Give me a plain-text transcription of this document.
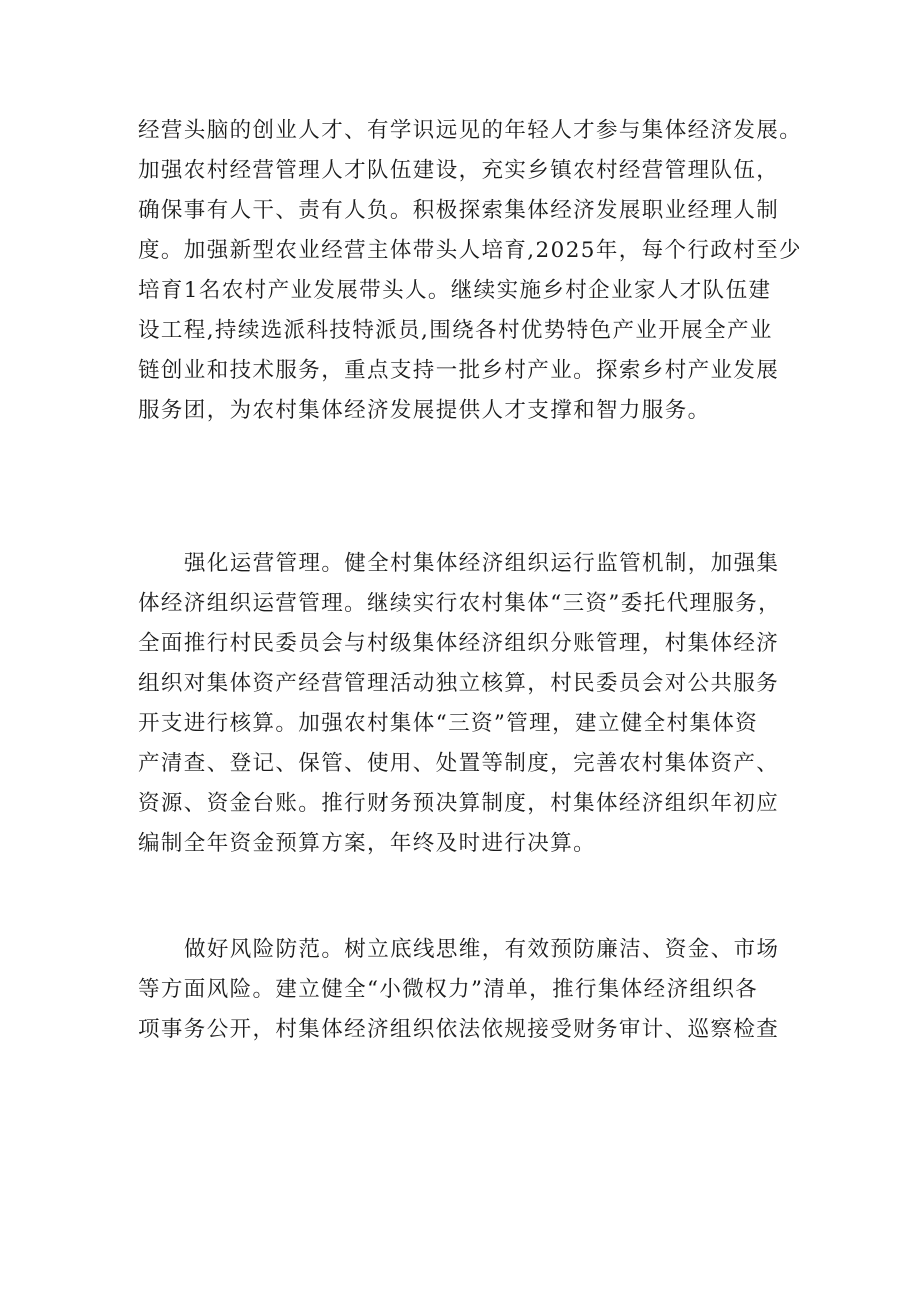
经营头脑的创业人才、有学识远见的年轻人才参与集体经济发展。
加强农村经营管理人才队伍建设，充实乡镇农村经营管理队伍，
确保事有人干、责有人负。积极探索集体经济发展职业经理人制
度。加强新型农业经营主体带头人培育,2025年，每个行政村至少
培育1名农村产业发展带头人。继续实施乡村企业家人才队伍建
设工程,持续选派科技特派员,围绕各村优势特色产业开展全产业
链创业和技术服务，重点支持一批乡村产业。探索乡村产业发展
服务团，为农村集体经济发展提供人才支撑和智力服务。
强化运营管理。健全村集体经济组织运行监管机制，加强集
体经济组织运营管理。继续实行农村集体“三资”委托代理服务，
全面推行村民委员会与村级集体经济组织分账管理，村集体经济
组织对集体资产经营管理活动独立核算，村民委员会对公共服务
开支进行核算。加强农村集体“三资”管理，建立健全村集体资
产清查、登记、保管、使用、处置等制度，完善农村集体资产、
资源、资金台账。推行财务预决算制度，村集体经济组织年初应
编制全年资金预算方案，年终及时进行决算。
做好风险防范。树立底线思维，有效预防廉洁、资金、市场
等方面风险。建立健全“小微权力”清单，推行集体经济组织各
项事务公开，村集体经济组织依法依规接受财务审计、巡察检查
